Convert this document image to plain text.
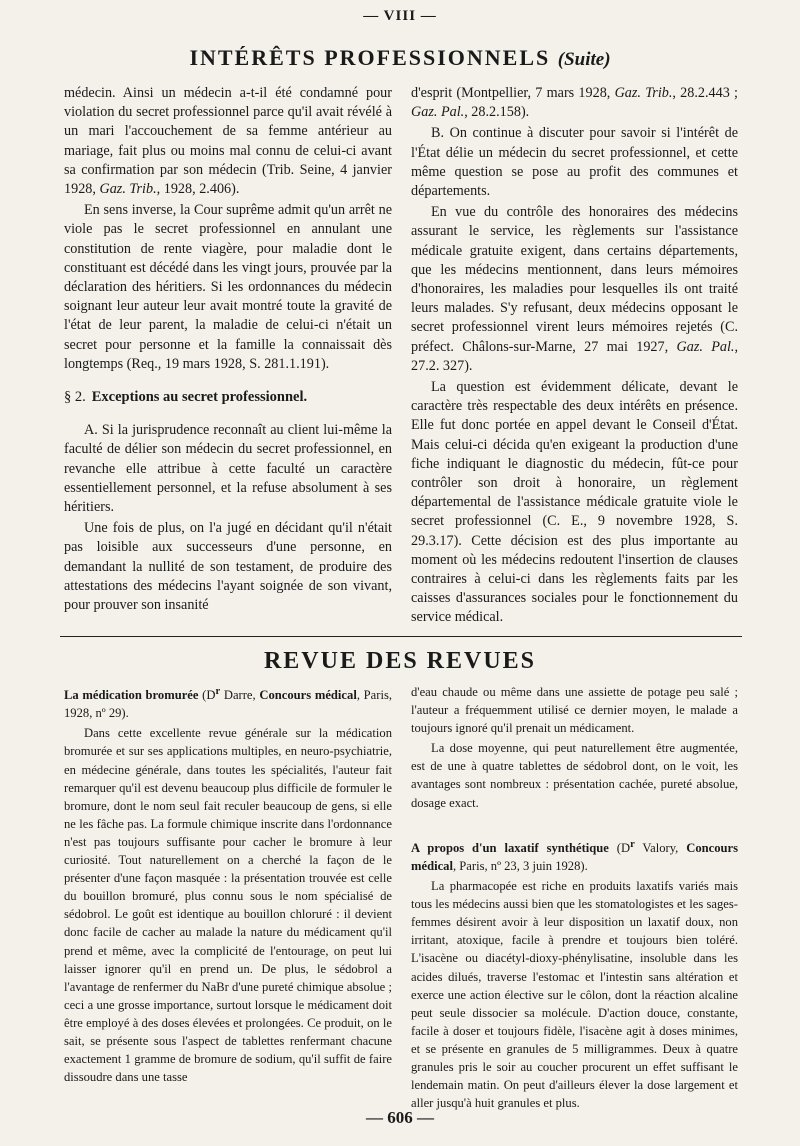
— VIII —
INTÉRÊTS PROFESSIONNELS (Suite)

médecin. Ainsi un médecin a-t-il été condamné pour violation du secret professionnel parce qu'il avait révélé à un mari l'accouchement de sa femme antérieur au mariage, fait plus ou moins mal connu de celui-ci avant sa confirmation par son médecin (Trib. Seine, 4 janvier 1928, Gaz. Trib., 1928, 2.406).

En sens inverse, la Cour suprême admit qu'un arrêt ne viole pas le secret professionnel en annulant une constitution de rente viagère, pour maladie dont le constituant est décédé dans les vingt jours, prouvée par la déclaration des héritiers. Si les ordonnances du médecin soignant leur auteur leur avait montré toute la gravité de l'état de leur parent, la maladie de celui-ci n'était un secret pour personne et la famille la connaissait dès longtemps (Req., 19 mars 1928, S. 281.1.191).

§ 2. Exceptions au secret professionnel.

A. Si la jurisprudence reconnaît au client lui-même la faculté de délier son médecin du secret professionnel, en revanche elle attribue à cette faculté un caractère essentiellement personnel, et la refuse absolument à ses héritiers.

Une fois de plus, on l'a jugé en décidant qu'il n'était pas loisible aux successeurs d'une personne, en demandant la nullité de son testament, de produire des attestations des médecins l'ayant soignée de son vivant, pour prouver son insanité

d'esprit (Montpellier, 7 mars 1928, Gaz. Trib., 28.2.443 ; Gaz. Pal., 28.2.158).

B. On continue à discuter pour savoir si l'intérêt de l'État délie un médecin du secret professionnel, et cette même question se pose au profit des communes et départements.

En vue du contrôle des honoraires des médecins assurant le service, les règlements sur l'assistance médicale gratuite exigent, dans certains départements, que les médecins mentionnent, dans leurs mémoires d'honoraires, les maladies pour lesquelles ils ont traité leurs malades. S'y refusant, deux médecins opposant le secret professionnel virent leurs mémoires rejetés (C. préfect. Châlons-sur-Marne, 27 mai 1927, Gaz. Pal., 27.2. 327).

La question est évidemment délicate, devant le caractère très respectable des deux intérêts en présence. Elle fut donc portée en appel devant le Conseil d'État. Mais celui-ci décida qu'en exigeant la production d'une fiche indiquant le diagnostic du médecin, fût-ce pour contrôler son droit à honoraire, un règlement départemental de l'assistance médicale gratuite viole le secret professionnel (C. E., 9 novembre 1928, S. 29.3.17). Cette décision est des plus importante au moment où les médecins redoutent l'insertion de clauses contraires à celui-ci dans les règlements faits par les caisses d'assurances sociales pour le fonctionnement du service médical.

REVUE DES REVUES

La médication bromurée ($D^r$ Darre, Concours médical, Paris, 1928, nº 29).

Dans cette excellente revue générale sur la médication bromurée et sur ses applications multiples, en neuro-psychiatrie, en médecine générale, dans toutes les spécialités, l'auteur fait remarquer qu'il est devenu beaucoup plus difficile de formuler le bromure, dont le nom seul fait reculer beaucoup de gens, si elle ne les fâche pas. La formule chimique inscrite dans l'ordonnance n'est pas toujours suffisante pour cacher le bromure à leur curiosité. Tout naturellement on a cherché la façon de le présenter d'une façon masquée : la présentation trouvée est celle du bouillon bromuré, plus connu sous le nom spécialisé de sédobrol. Le goût est identique au bouillon chloruré : il devient donc facile de cacher au malade la nature du médicament qu'il prend et même, avec la complicité de l'entourage, on peut lui laisser ignorer qu'il en prend un. De plus, le sédobrol a l'avantage de renfermer du NaBr d'une pureté chimique absolue ; ceci a une grosse importance, surtout lorsque le médicament doit être employé à des doses élevées et prolongées. Ce produit, on le sait, se présente sous l'aspect de tablettes renfermant chacune exactement 1 gramme de bromure de sodium, qu'il suffit de faire dissoudre dans une tasse

d'eau chaude ou même dans une assiette de potage peu salé ; l'auteur a fréquemment utilisé ce dernier moyen, le malade a toujours ignoré qu'il prenait un médicament.

La dose moyenne, qui peut naturellement être augmentée, est de une à quatre tablettes de sédobrol dont, on le voit, les avantages sont nombreux : présentation cachée, pureté absolue, dosage exact.

A propos d'un laxatif synthétique ($D^r$ Valory, Concours médical, Paris, nº 23, 3 juin 1928).

La pharmacopée est riche en produits laxatifs variés mais tous les médecins aussi bien que les stomatologistes et les sages-femmes désirent avoir à leur disposition un laxatif doux, non irritant, atoxique, facile à prendre et toujours bien toléré. L'isacène ou diacétyl-dioxy-phénylisatine, insoluble dans les acides dilués, traverse l'estomac et l'intestin sans altération et exerce une action élective sur le côlon, dont la réaction alcaline peut seule dissocier sa molécule. D'action douce, constante, facile à doser et toujours fidèle, l'isacène agit à doses minimes, et se présente en granules de 5 milligrammes. Deux à quatre granules pris le soir au coucher procurent un effet suffisant le lendemain matin. On peut d'ailleurs élever la dose largement et aller jusqu'à huit granules et plus.

— 606 —
